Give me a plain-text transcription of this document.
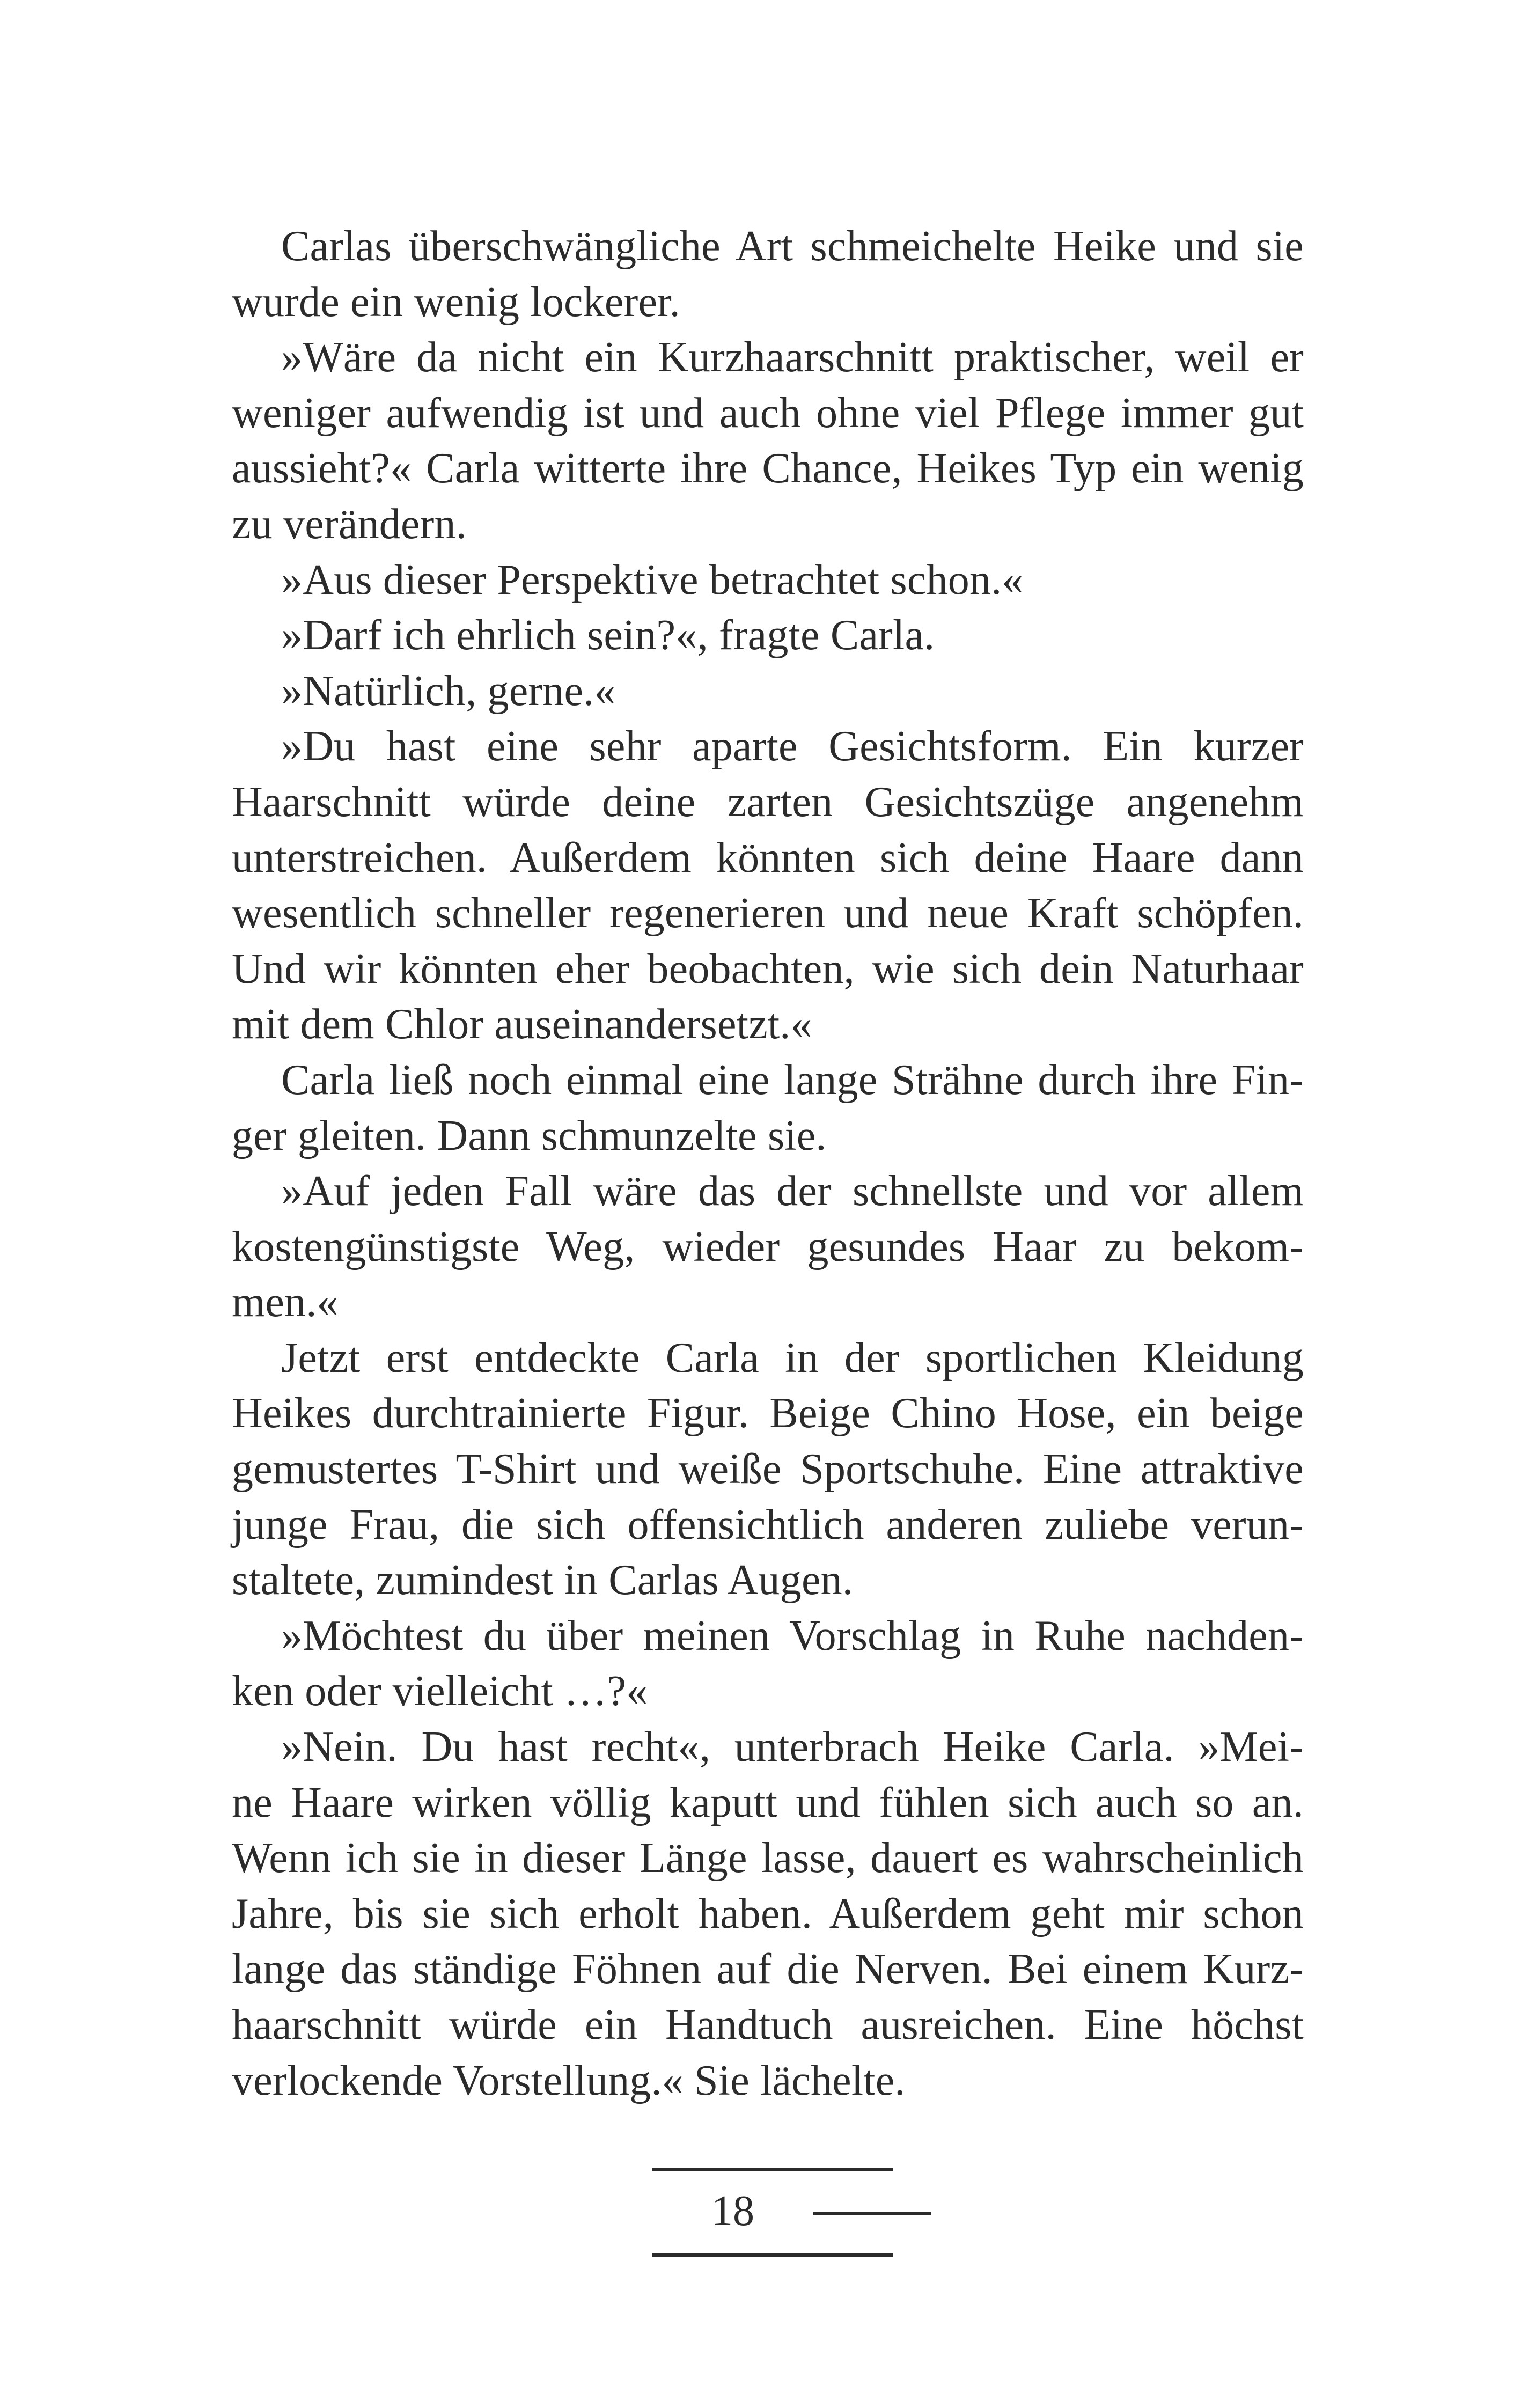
Carlas überschwängliche Art schmeichelte Heike und sie
wurde ein wenig lockerer.
»Wäre da nicht ein Kurzhaarschnitt praktischer, weil er
weniger aufwendig ist und auch ohne viel Pflege immer gut
aussieht?« Carla witterte ihre Chance, Heikes Typ ein wenig
zu verändern.
»Aus dieser Perspektive betrachtet schon.«
»Darf ich ehrlich sein?«, fragte Carla.
»Natürlich, gerne.«
»Du hast eine sehr aparte Gesichtsform. Ein kurzer
Haarschnitt würde deine zarten Gesichtszüge angenehm
unterstreichen. Außerdem könnten sich deine Haare dann
wesentlich schneller regenerieren und neue Kraft schöpfen.
Und wir könnten eher beobachten, wie sich dein Naturhaar
mit dem Chlor auseinandersetzt.«
Carla ließ noch einmal eine lange Strähne durch ihre Fin-
ger gleiten. Dann schmunzelte sie.
»Auf jeden Fall wäre das der schnellste und vor allem
kostengünstigste Weg, wieder gesundes Haar zu bekom-
men.«
Jetzt erst entdeckte Carla in der sportlichen Kleidung
Heikes durchtrainierte Figur. Beige Chino Hose, ein beige
gemustertes T-Shirt und weiße Sportschuhe. Eine attraktive
junge Frau, die sich offensichtlich anderen zuliebe verun-
staltete, zumindest in Carlas Augen.
»Möchtest du über meinen Vorschlag in Ruhe nachden-
ken oder vielleicht …?«
»Nein. Du hast recht«, unterbrach Heike Carla. »Mei-
ne Haare wirken völlig kaputt und fühlen sich auch so an.
Wenn ich sie in dieser Länge lasse, dauert es wahrscheinlich
Jahre, bis sie sich erholt haben. Außerdem geht mir schon
lange das ständige Föhnen auf die Nerven. Bei einem Kurz-
haarschnitt würde ein Handtuch ausreichen. Eine höchst
verlockende Vorstellung.« Sie lächelte.
18
